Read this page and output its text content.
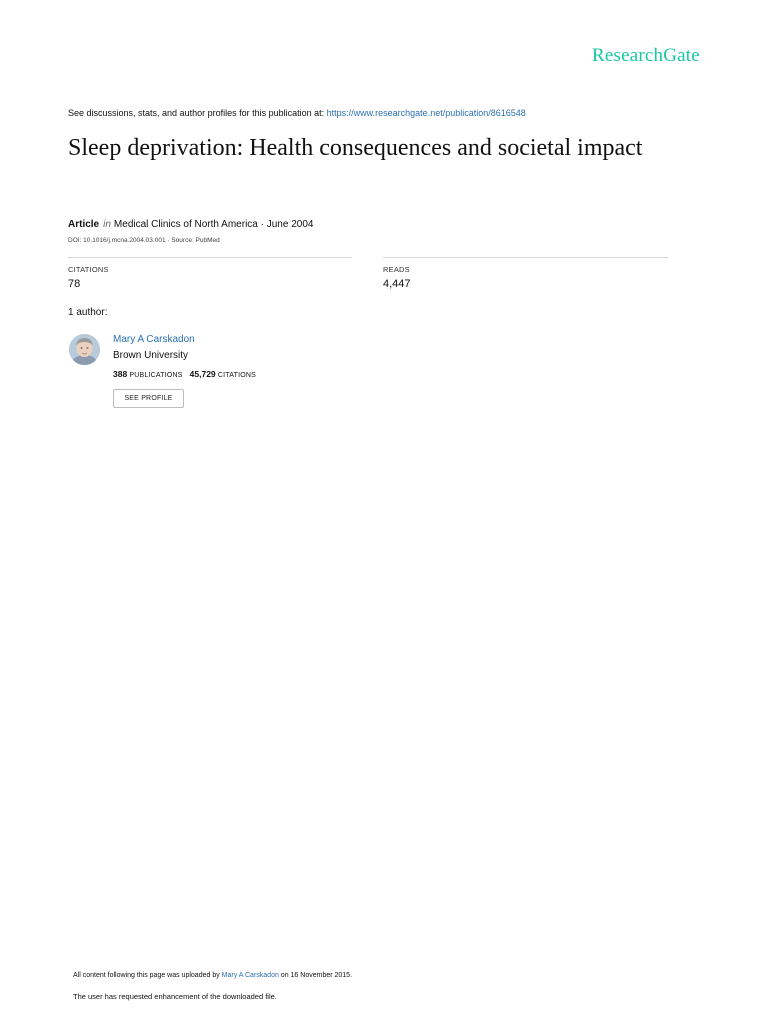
ResearchGate
See discussions, stats, and author profiles for this publication at: https://www.researchgate.net/publication/8616548
Sleep deprivation: Health consequences and societal impact
Article in Medical Clinics of North America · June 2004
DOI: 10.1016/j.mcna.2004.03.001 · Source: PubMed
CITATIONS
78
READS
4,447
1 author:
Mary A Carskadon
Brown University
388 PUBLICATIONS 45,729 CITATIONS
SEE PROFILE
All content following this page was uploaded by Mary A Carskadon on 16 November 2015.
The user has requested enhancement of the downloaded file.
